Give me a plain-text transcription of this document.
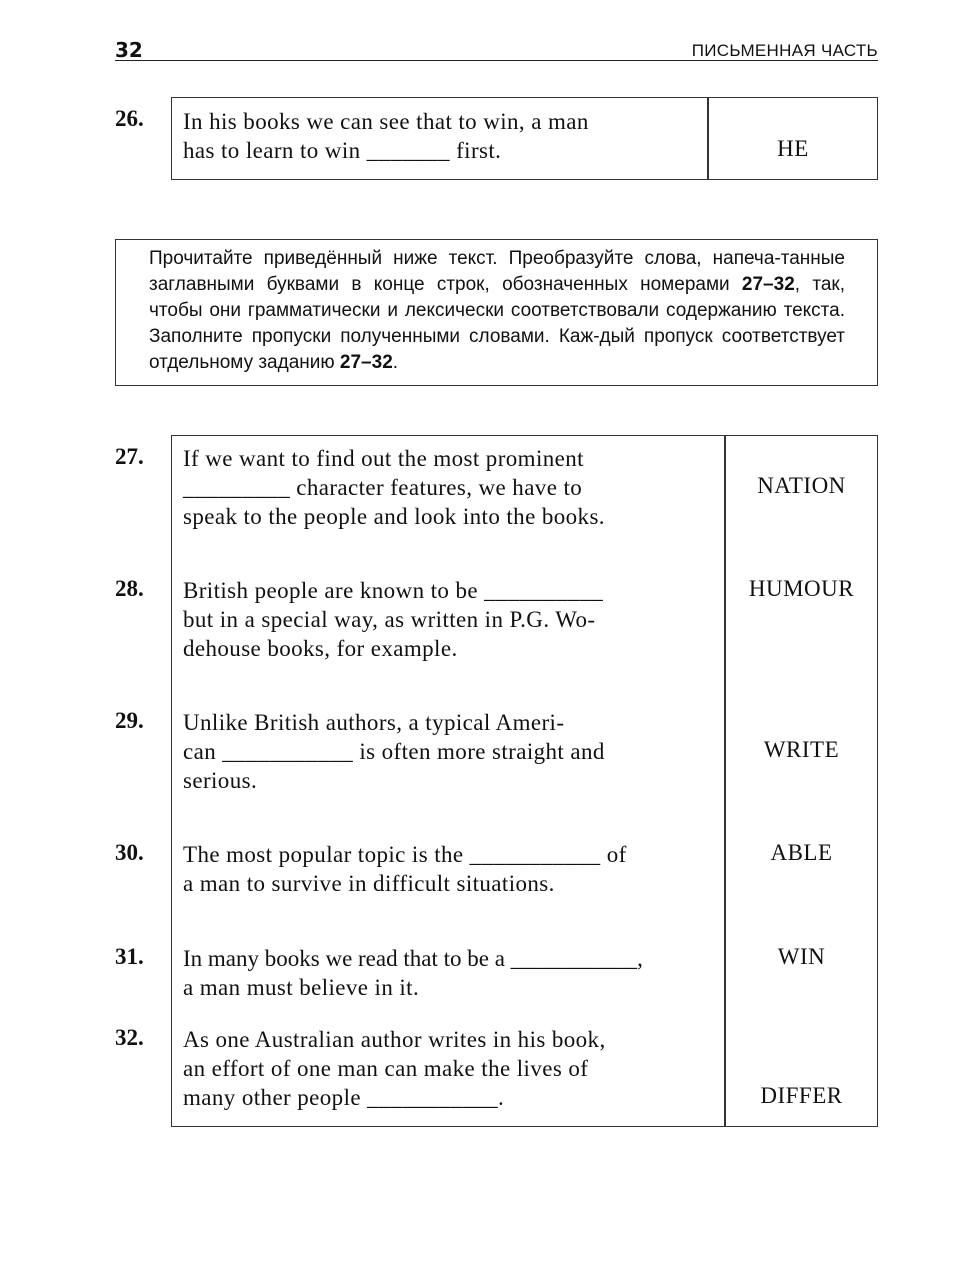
32	ПИСЬМЕННАЯ ЧАСТЬ
26. In his books we can see that to win, a man
has to learn to win _______ first.	HE
Прочитайте приведённый ниже текст. Преобразуйте слова, напеча-танные заглавными буквами в конце строк, обозначенных номерами 27–32, так, чтобы они грамматически и лексически соответствовали содержанию текста. Заполните пропуски полученными словами. Каж-дый пропуск соответствует отдельному заданию 27–32.
27. If we want to find out the most prominent
_________ character features, we have to
speak to the people and look into the books.
NATION
28. British people are known to be __________
but in a special way, as written in P.G. Wo-
dehouse books, for example.
HUMOUR
29. Unlike British authors, a typical Ameri-
can ___________ is often more straight and
serious.
WRITE
30. The most popular topic is the ___________ of
a man to survive in difficult situations.
ABLE
31. In many books we read that to be a ___________,
a man must believe in it.
WIN
32. As one Australian author writes in his book,
an effort of one man can make the lives of
many other people ___________.	DIFFER
